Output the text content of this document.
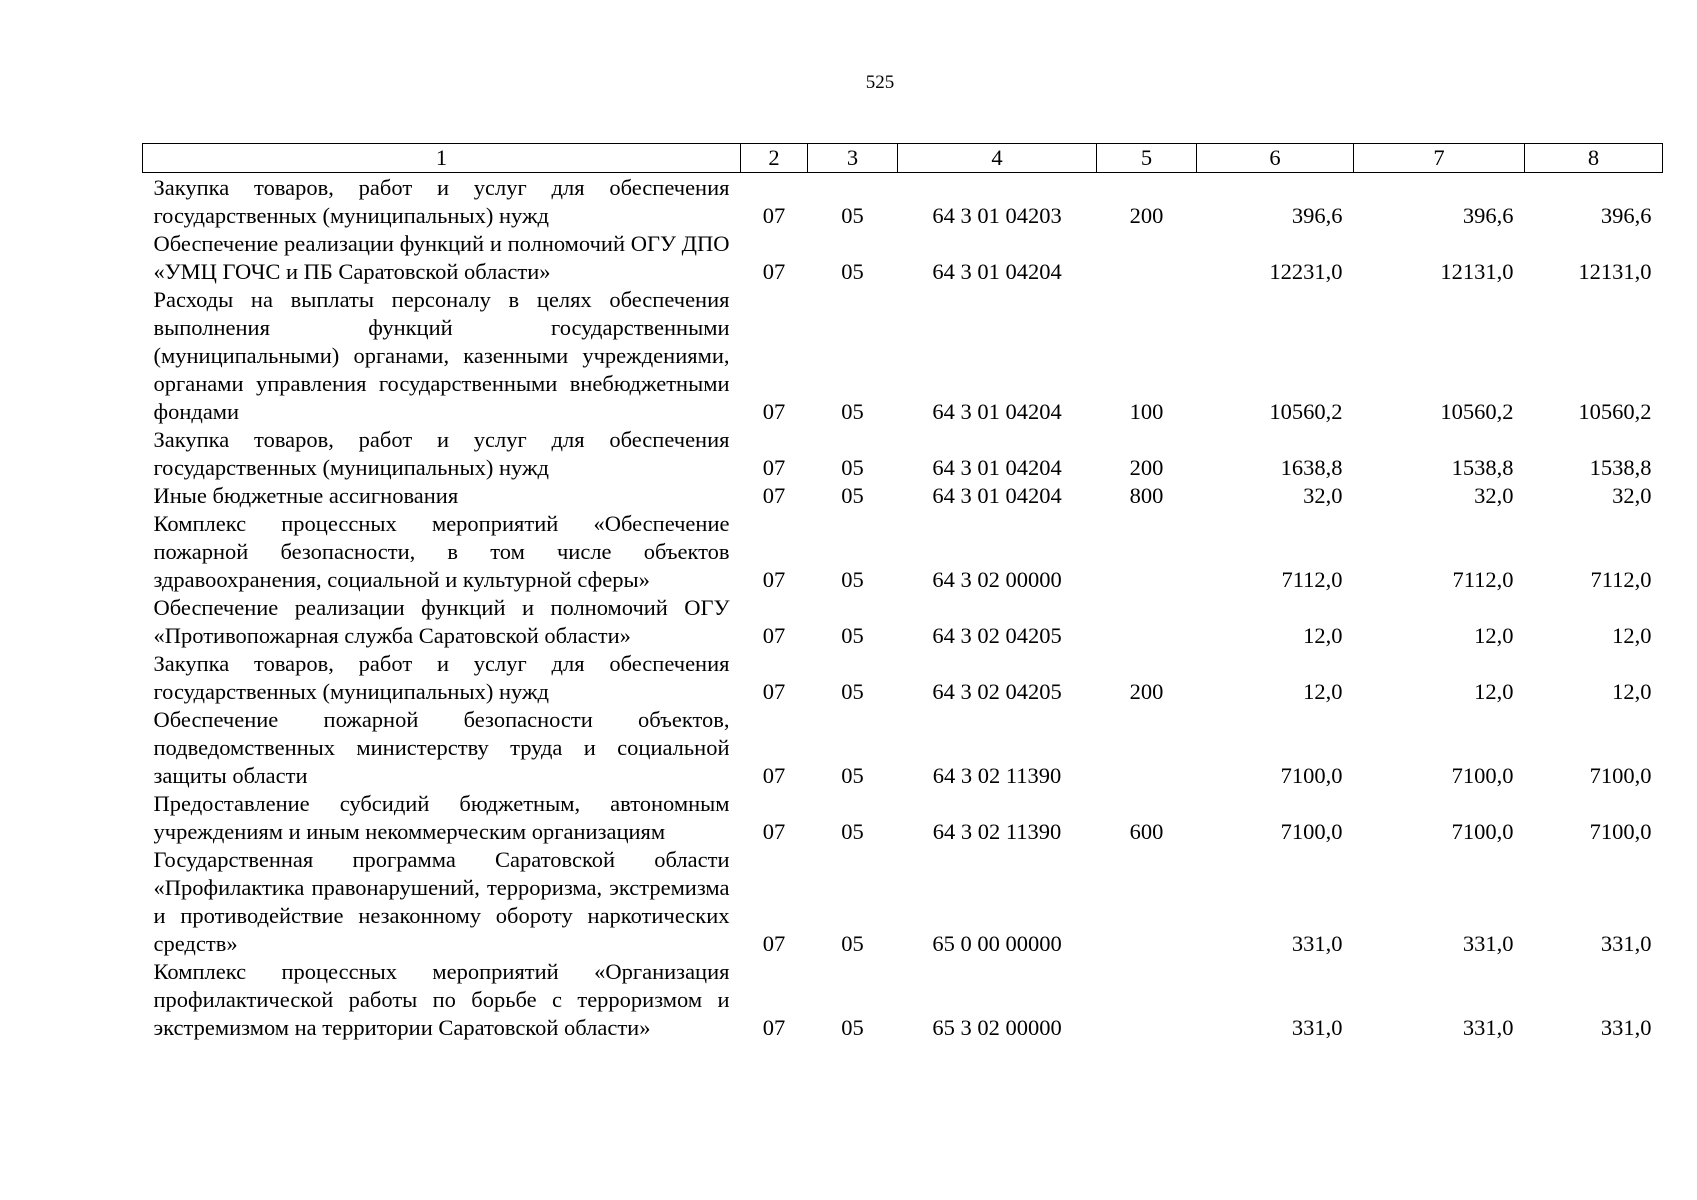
525
1	2	3	4	5	6	7	8
Закупка товаров, работ и услуг для обеспечения государственных (муниципальных) нужд	07	05	64 3 01 04203	200	396,6	396,6	396,6
Обеспечение реализации функций и полномочий ОГУ ДПО «УМЦ ГОЧС и ПБ Саратовской области»	07	05	64 3 01 04204		12231,0	12131,0	12131,0
Расходы на выплаты персоналу в целях обеспечения выполнения функций государственными (муниципальными) органами, казенными учреждениями, органами управления государственными внебюджетными фондами	07	05	64 3 01 04204	100	10560,2	10560,2	10560,2
Закупка товаров, работ и услуг для обеспечения государственных (муниципальных) нужд	07	05	64 3 01 04204	200	1638,8	1538,8	1538,8
Иные бюджетные ассигнования	07	05	64 3 01 04204	800	32,0	32,0	32,0
Комплекс процессных мероприятий «Обеспечение пожарной безопасности, в том числе объектов здравоохранения, социальной и культурной сферы»	07	05	64 3 02 00000		7112,0	7112,0	7112,0
Обеспечение реализации функций и полномочий ОГУ «Противопожарная служба Саратовской области»	07	05	64 3 02 04205		12,0	12,0	12,0
Закупка товаров, работ и услуг для обеспечения государственных (муниципальных) нужд	07	05	64 3 02 04205	200	12,0	12,0	12,0
Обеспечение пожарной безопасности объектов, подведомственных министерству труда и социальной защиты области	07	05	64 3 02 11390		7100,0	7100,0	7100,0
Предоставление субсидий бюджетным, автономным учреждениям и иным некоммерческим организациям	07	05	64 3 02 11390	600	7100,0	7100,0	7100,0
Государственная программа Саратовской области «Профилактика правонарушений, терроризма, экстремизма и противодействие незаконному обороту наркотических средств»	07	05	65 0 00 00000		331,0	331,0	331,0
Комплекс процессных мероприятий «Организация профилактической работы по борьбе с терроризмом и экстремизмом на территории Саратовской области»	07	05	65 3 02 00000		331,0	331,0	331,0
